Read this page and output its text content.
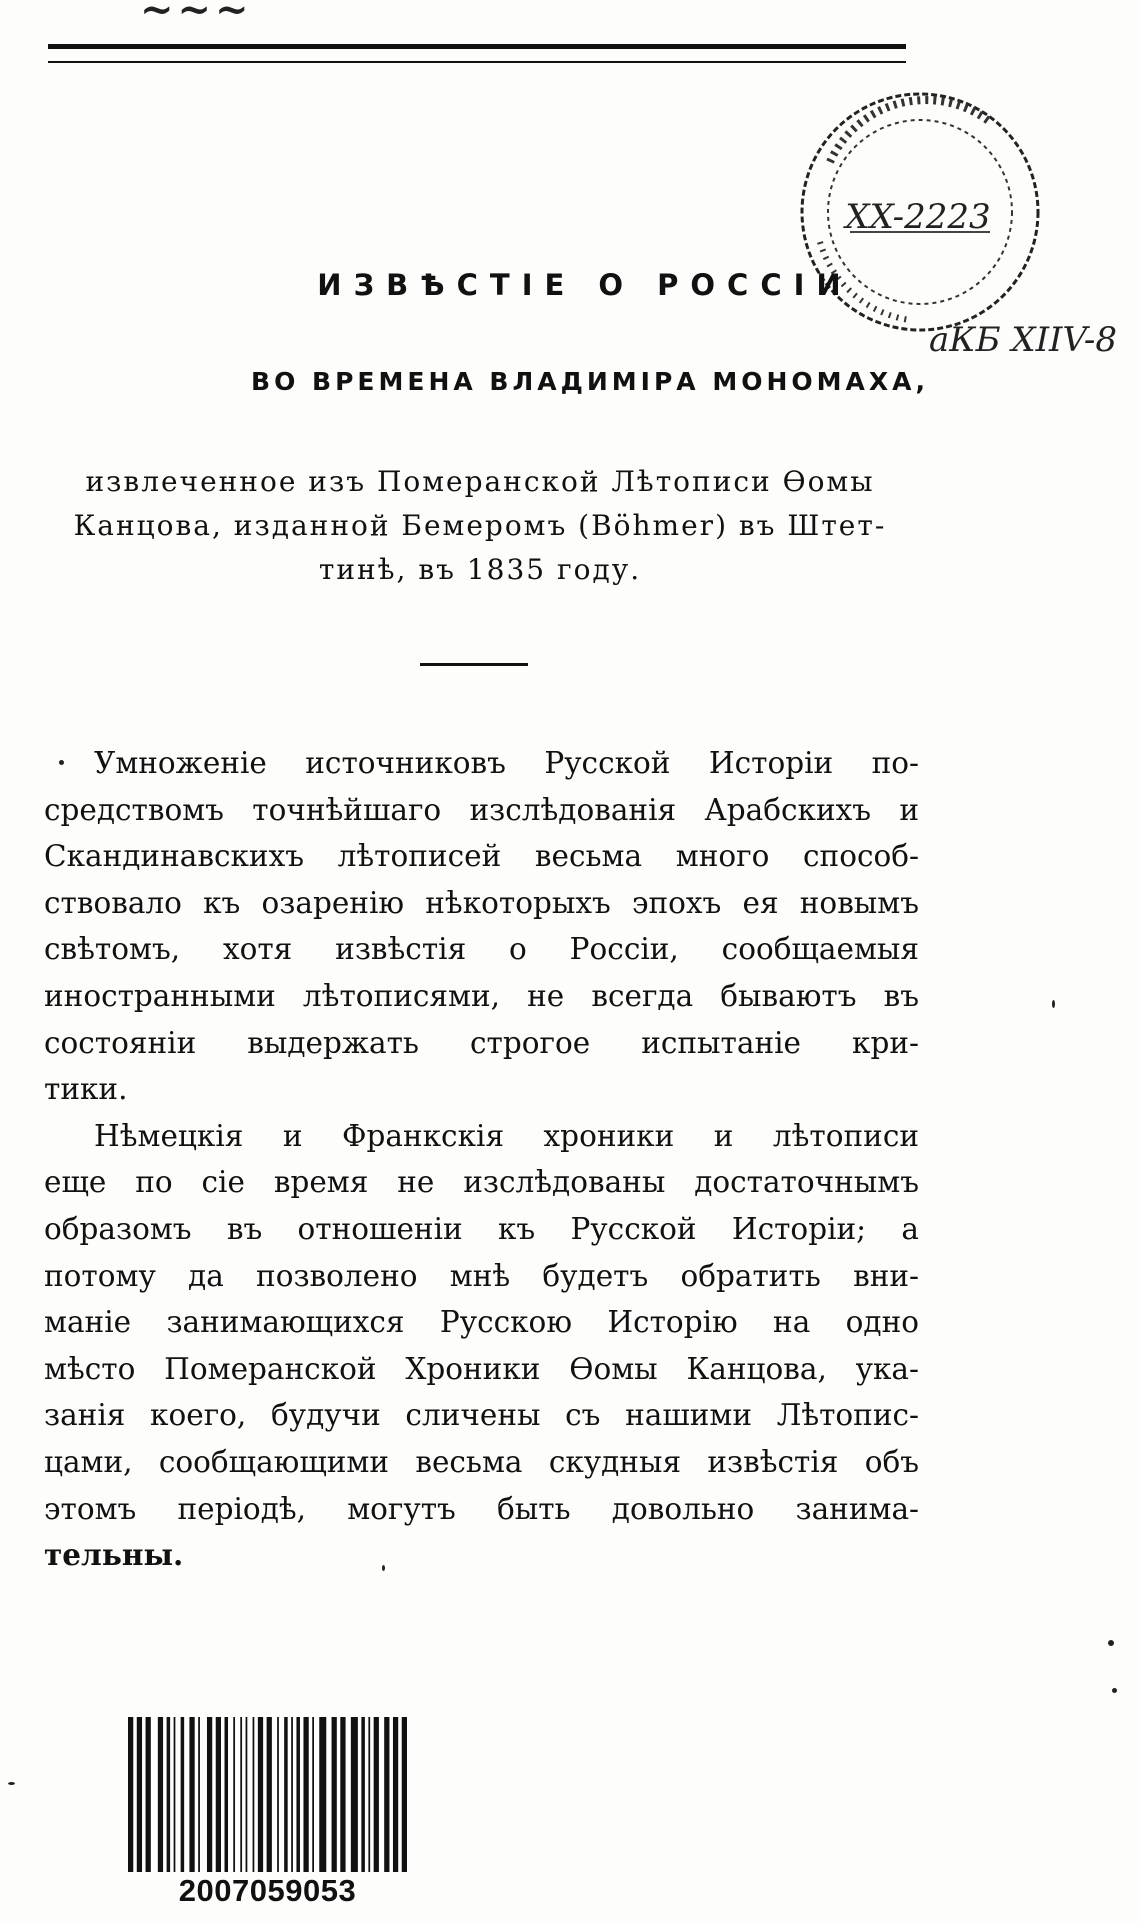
~~~
XX-2223
аКБ XIIV-8
ИЗВѢСТІЕ О РОССІИ
ВО ВРЕМЕНА ВЛАДИМІРА МОНОМАХА,
извлеченное изъ Померанской Лѣтописи Ѳомы
Канцова, изданной Бемеромъ (Böhmer) въ Штет-
тинѣ, въ 1835 году.
Умноженіе источниковъ Русской Исторіи по-
средствомъ точнѣйшаго изслѣдованія Арабскихъ и
Скандинавскихъ лѣтописей весьма много способ-
ствовало къ озаренію нѣкоторыхъ эпохъ ея новымъ
свѣтомъ, хотя извѣстія о Россіи, сообщаемыя
иностранными лѣтописями, не всегда бываютъ въ
состояніи выдержать строгое испытаніе кри-
тики.
Нѣмецкія и Франкскія хроники и лѣтописи
еще по сіе время не изслѣдованы достаточнымъ
образомъ въ отношеніи къ Русской Исторіи; а
потому да позволено мнѣ будетъ обратить вни-
маніе занимающихся Русскою Исторію на одно
мѣсто Померанской Хроники Ѳомы Канцова, ука-
занія коего, будучи сличены съ нашими Лѣтопис-
цами, сообщающими весьма скудныя извѣстія объ
этомъ періодѣ, могутъ быть довольно занима-
тельны.
2007059053
